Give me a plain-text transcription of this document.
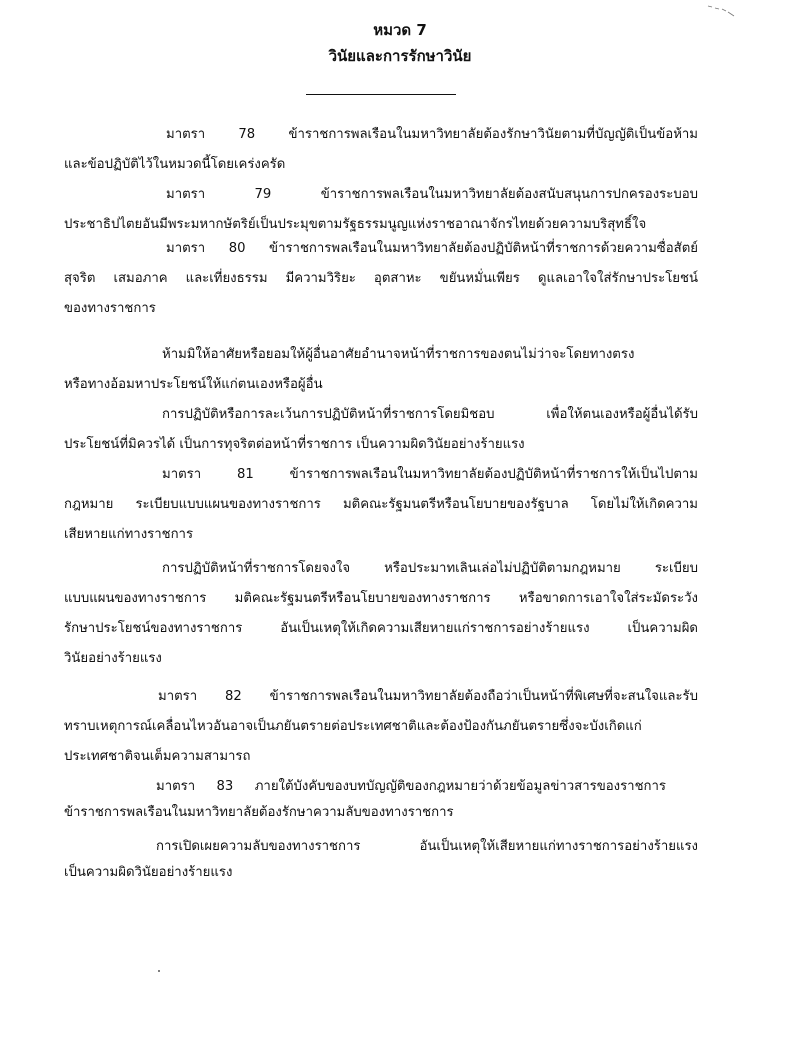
หมวด 7
วินัยและการรักษาวินัย
มาตรา 78 ข้าราชการพลเรือนในมหาวิทยาลัยต้องรักษาวินัยตามที่บัญญัติเป็นข้อห้าม
และข้อปฏิบัติไว้ในหมวดนี้โดยเคร่งครัด
มาตรา 79 ข้าราชการพลเรือนในมหาวิทยาลัยต้องสนับสนุนการปกครองระบอบ
ประชาธิปไตยอันมีพระมหากษัตริย์เป็นประมุขตามรัฐธรรมนูญแห่งราชอาณาจักรไทยด้วยความบริสุทธิ์ใจ
มาตรา 80 ข้าราชการพลเรือนในมหาวิทยาลัยต้องปฏิบัติหน้าที่ราชการด้วยความซื่อสัตย์
สุจริต เสมอภาค และเที่ยงธรรม มีความวิริยะ อุตสาหะ ขยันหมั่นเพียร ดูแลเอาใจใส่รักษาประโยชน์
ของทางราชการ
ห้ามมิให้อาศัยหรือยอมให้ผู้อื่นอาศัยอำนาจหน้าที่ราชการของตนไม่ว่าจะโดยทางตรง
หรือทางอ้อมหาประโยชน์ให้แก่ตนเองหรือผู้อื่น
การปฏิบัติหรือการละเว้นการปฏิบัติหน้าที่ราชการโดยมิชอบ เพื่อให้ตนเองหรือผู้อื่นได้รับ
ประโยชน์ที่มิควรได้ เป็นการทุจริตต่อหน้าที่ราชการ เป็นความผิดวินัยอย่างร้ายแรง
มาตรา 81 ข้าราชการพลเรือนในมหาวิทยาลัยต้องปฏิบัติหน้าที่ราชการให้เป็นไปตาม
กฎหมาย ระเบียบแบบแผนของทางราชการ มติคณะรัฐมนตรีหรือนโยบายของรัฐบาล โดยไม่ให้เกิดความ
เสียหายแก่ทางราชการ
การปฏิบัติหน้าที่ราชการโดยจงใจ หรือประมาทเลินเล่อไม่ปฏิบัติตามกฎหมาย ระเบียบ
แบบแผนของทางราชการ มติคณะรัฐมนตรีหรือนโยบายของทางราชการ หรือขาดการเอาใจใส่ระมัดระวัง
รักษาประโยชน์ของทางราชการ อันเป็นเหตุให้เกิดความเสียหายแก่ราชการอย่างร้ายแรง เป็นความผิด
วินัยอย่างร้ายแรง
มาตรา 82 ข้าราชการพลเรือนในมหาวิทยาลัยต้องถือว่าเป็นหน้าที่พิเศษที่จะสนใจและรับ
ทราบเหตุการณ์เคลื่อนไหวอันอาจเป็นภยันตรายต่อประเทศชาติและต้องป้องกันภยันตรายซึ่งจะบังเกิดแก่
ประเทศชาติจนเต็มความสามารถ
มาตรา 83 ภายใต้บังคับของบทบัญญัติของกฎหมายว่าด้วยข้อมูลข่าวสารของราชการ
ข้าราชการพลเรือนในมหาวิทยาลัยต้องรักษาความลับของทางราชการ
การเปิดเผยความลับของทางราชการ อันเป็นเหตุให้เสียหายแก่ทางราชการอย่างร้ายแรง
เป็นความผิดวินัยอย่างร้ายแรง
